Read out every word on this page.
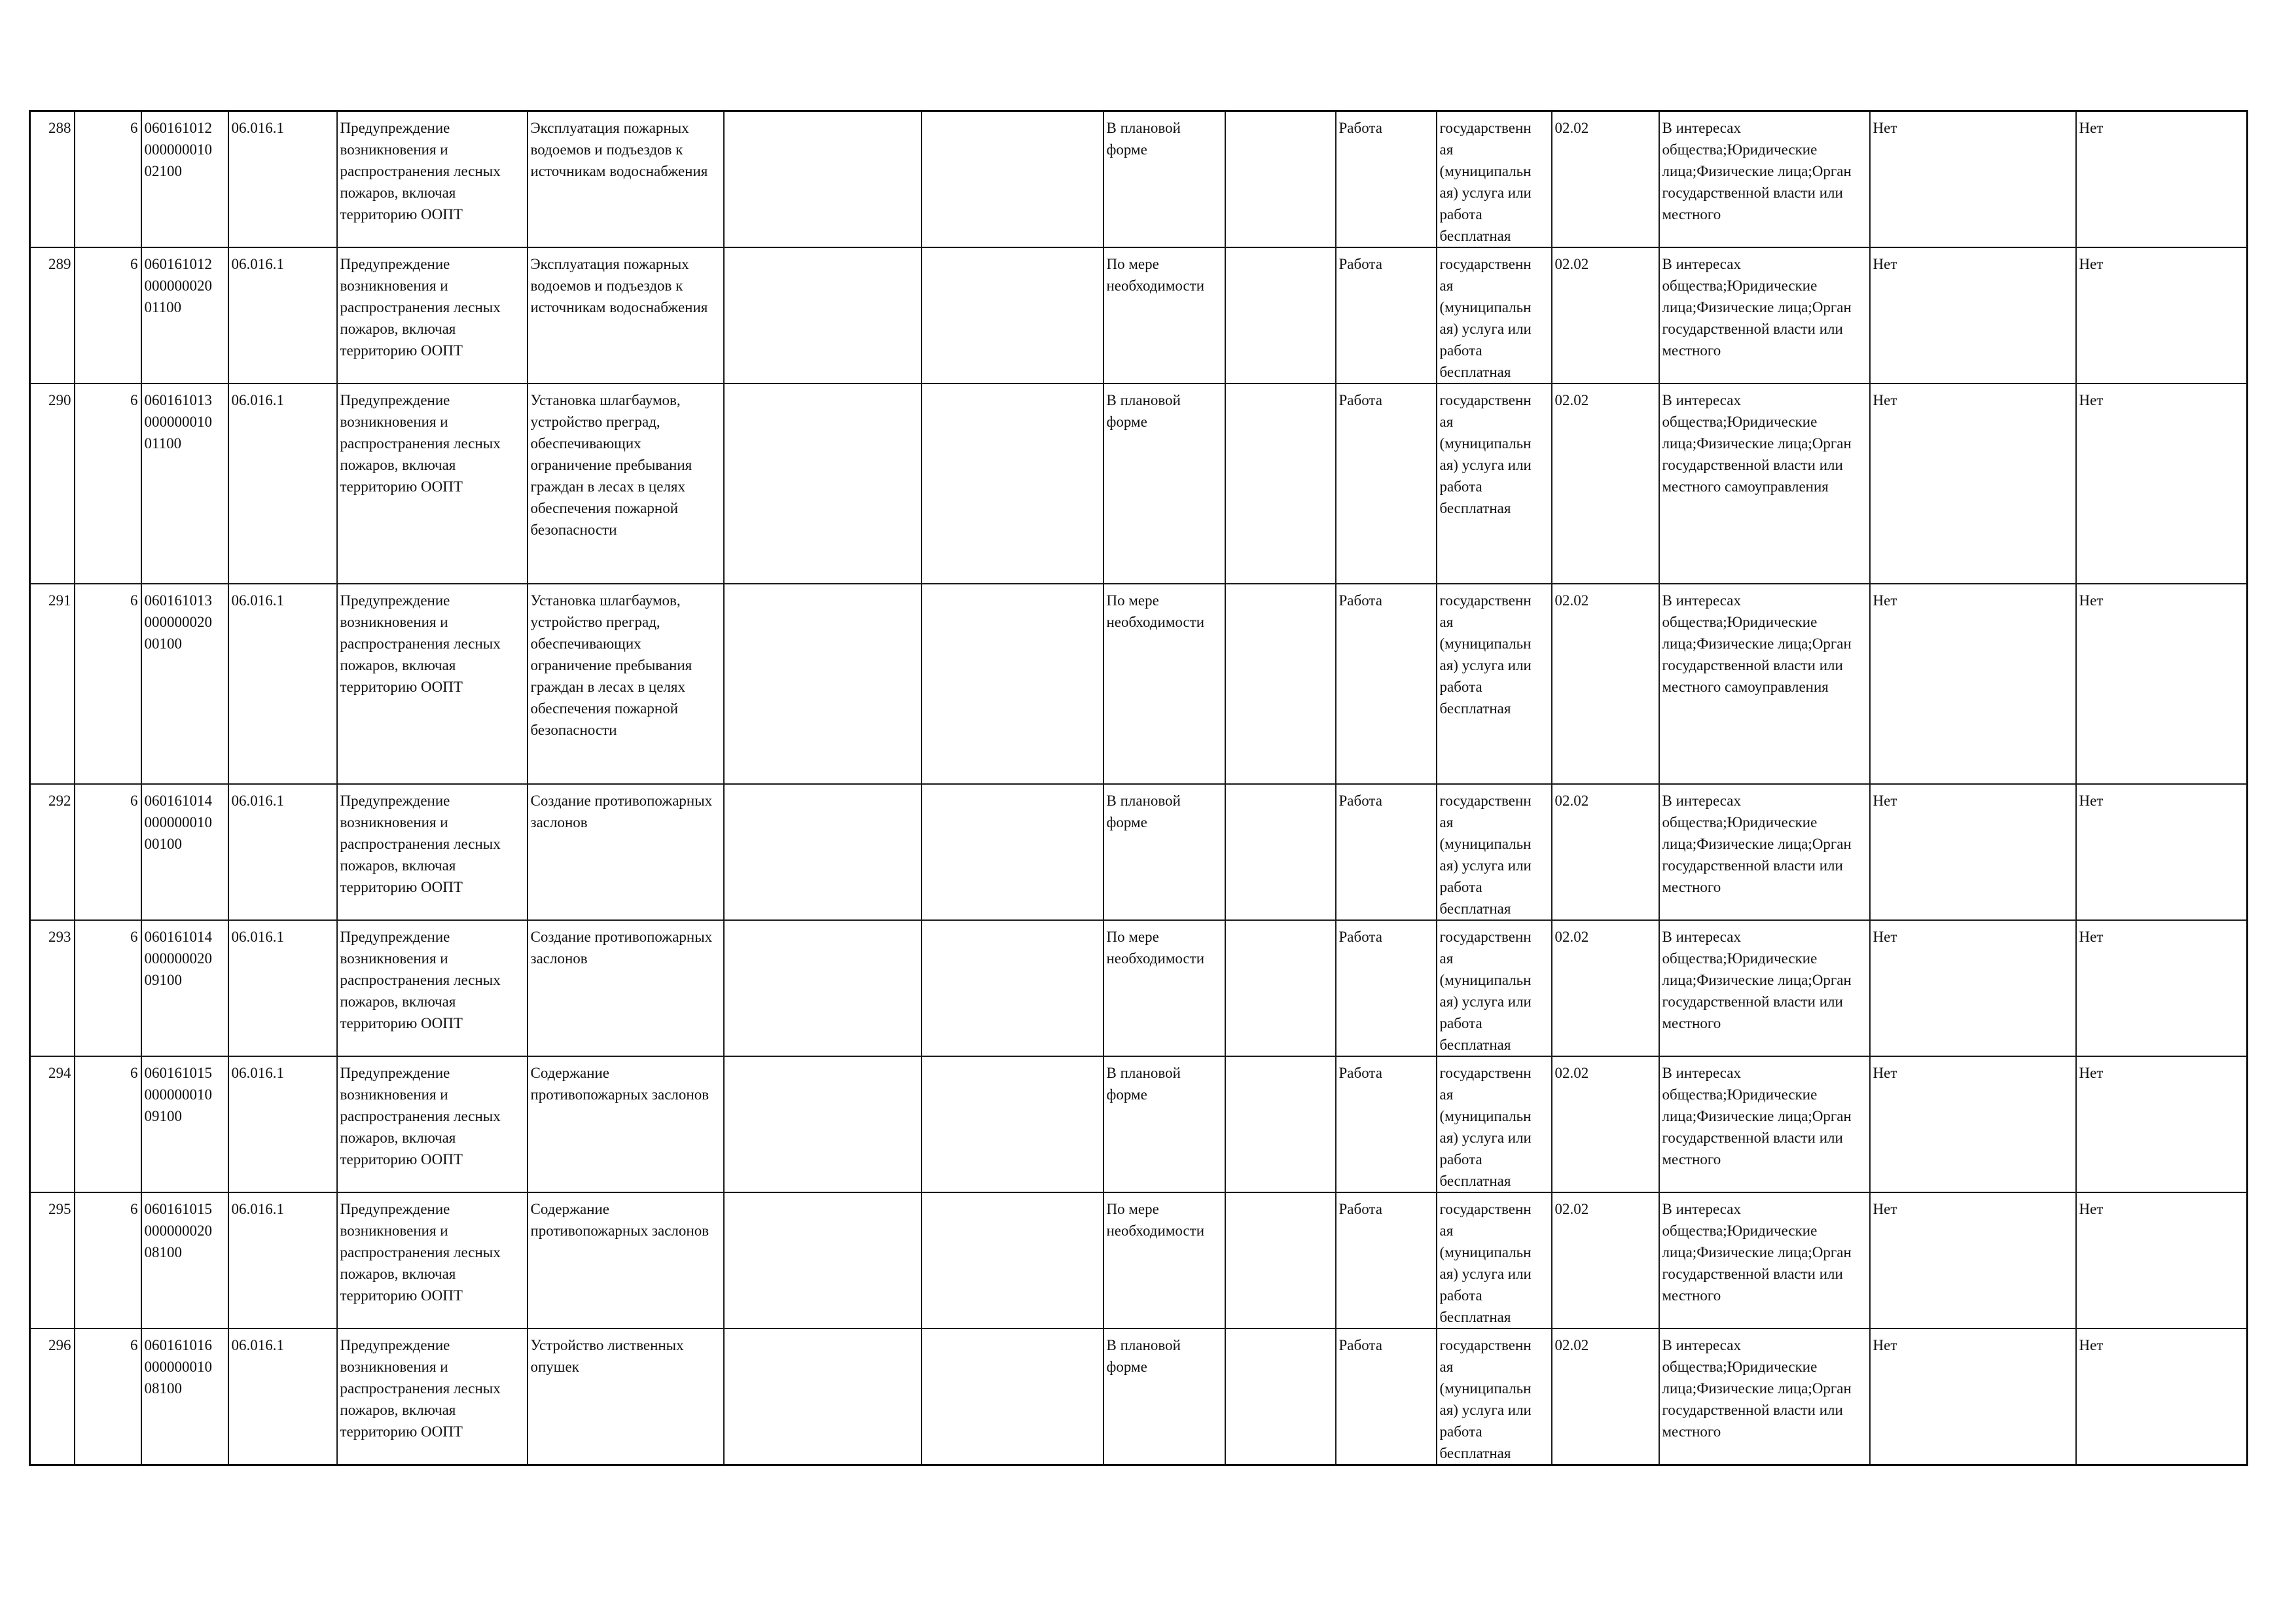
288	6	060161012 000000010 02100	06.016.1	Предупреждение возникновения и распространения лесных пожаров, включая территорию ООПТ	Эксплуатация пожарных водоемов и подъездов к источникам водоснабжения			В плановой форме		Работа	государственн ая (муниципальн ая) услуга или работа бесплатная	02.02	В интересах общества;Юридические лица;Физические лица;Орган государственной власти или местного	Нет	Нет
289	6	060161012 000000020 01100	06.016.1	Предупреждение возникновения и распространения лесных пожаров, включая территорию ООПТ	Эксплуатация пожарных водоемов и подъездов к источникам водоснабжения			По мере необходимости		Работа	государственн ая (муниципальн ая) услуга или работа бесплатная	02.02	В интересах общества;Юридические лица;Физические лица;Орган государственной власти или местного	Нет	Нет
290	6	060161013 000000010 01100	06.016.1	Предупреждение возникновения и распространения лесных пожаров, включая территорию ООПТ	Установка шлагбаумов, устройство преград, обеспечивающих ограничение пребывания граждан в лесах в целях обеспечения пожарной безопасности			В плановой форме		Работа	государственн ая (муниципальн ая) услуга или работа бесплатная	02.02	В интересах общества;Юридические лица;Физические лица;Орган государственной власти или местного самоуправления	Нет	Нет
291	6	060161013 000000020 00100	06.016.1	Предупреждение возникновения и распространения лесных пожаров, включая территорию ООПТ	Установка шлагбаумов, устройство преград, обеспечивающих ограничение пребывания граждан в лесах в целях обеспечения пожарной безопасности			По мере необходимости		Работа	государственн ая (муниципальн ая) услуга или работа бесплатная	02.02	В интересах общества;Юридические лица;Физические лица;Орган государственной власти или местного самоуправления	Нет	Нет
292	6	060161014 000000010 00100	06.016.1	Предупреждение возникновения и распространения лесных пожаров, включая территорию ООПТ	Создание противопожарных заслонов			В плановой форме		Работа	государственн ая (муниципальн ая) услуга или работа бесплатная	02.02	В интересах общества;Юридические лица;Физические лица;Орган государственной власти или местного	Нет	Нет
293	6	060161014 000000020 09100	06.016.1	Предупреждение возникновения и распространения лесных пожаров, включая территорию ООПТ	Создание противопожарных заслонов			По мере необходимости		Работа	государственн ая (муниципальн ая) услуга или работа бесплатная	02.02	В интересах общества;Юридические лица;Физические лица;Орган государственной власти или местного	Нет	Нет
294	6	060161015 000000010 09100	06.016.1	Предупреждение возникновения и распространения лесных пожаров, включая территорию ООПТ	Содержание противопожарных заслонов			В плановой форме		Работа	государственн ая (муниципальн ая) услуга или работа бесплатная	02.02	В интересах общества;Юридические лица;Физические лица;Орган государственной власти или местного	Нет	Нет
295	6	060161015 000000020 08100	06.016.1	Предупреждение возникновения и распространения лесных пожаров, включая территорию ООПТ	Содержание противопожарных заслонов			По мере необходимости		Работа	государственн ая (муниципальн ая) услуга или работа бесплатная	02.02	В интересах общества;Юридические лица;Физические лица;Орган государственной власти или местного	Нет	Нет
296	6	060161016 000000010 08100	06.016.1	Предупреждение возникновения и распространения лесных пожаров, включая территорию ООПТ	Устройство лиственных опушек			В плановой форме		Работа	государственн ая (муниципальн ая) услуга или работа бесплатная	02.02	В интересах общества;Юридические лица;Физические лица;Орган государственной власти или местного	Нет	Нет
